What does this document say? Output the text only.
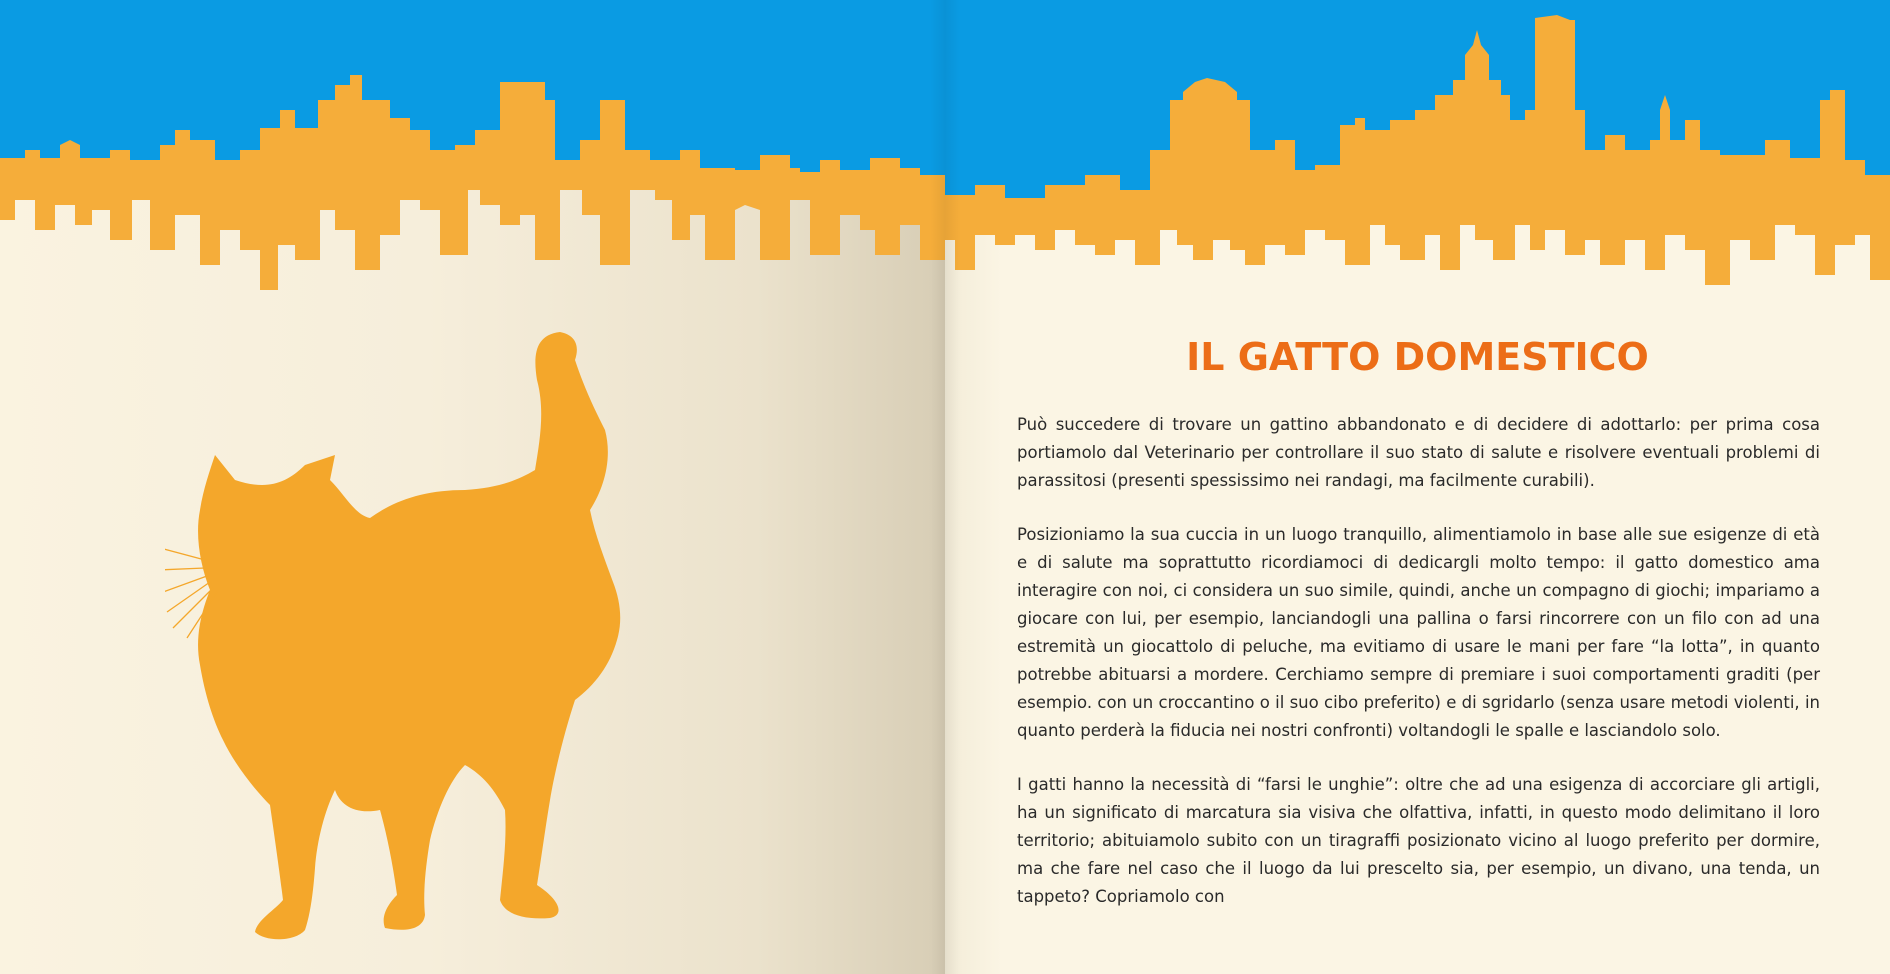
IL GATTO DOMESTICO

Può succedere di trovare un gattino abbandonato e di decidere di adottarlo: per prima cosa portiamolo dal Veterinario per controllare il suo stato di salute e risolvere eventuali problemi di parassitosi (presenti spessissimo nei randagi, ma facilmente curabili).

Posizioniamo la sua cuccia in un luogo tranquillo, alimentiamolo in base alle sue esigenze di età e di salute ma soprattutto ricordiamoci di dedicargli molto tempo: il gatto domestico ama interagire con noi, ci considera un suo simile, quindi, anche un compagno di giochi; impariamo a giocare con lui, per esempio, lanciandogli una pallina o farsi rincorrere con un filo con ad una estremità un giocattolo di peluche, ma evitiamo di usare le mani per fare “la lotta”, in quanto potrebbe abituarsi a mordere. Cerchiamo sempre di premiare i suoi comportamenti graditi (per esempio. con un croccantino o il suo cibo preferito) e di sgridarlo (senza usare metodi violenti, in quanto perderà la fiducia nei nostri confronti) voltandogli le spalle e lasciandolo solo.

I gatti hanno la necessità di “farsi le unghie”: oltre che ad una esigenza di accorciare gli artigli, ha un significato di marcatura sia visiva che olfattiva, infatti, in questo modo delimitano il loro territorio; abituiamolo subito con un tiragraffi posizionato vicino al luogo preferito per dormire, ma che fare nel caso che il luogo da lui prescelto sia, per esempio, un divano, una tenda, un tappeto? Copriamolo con
